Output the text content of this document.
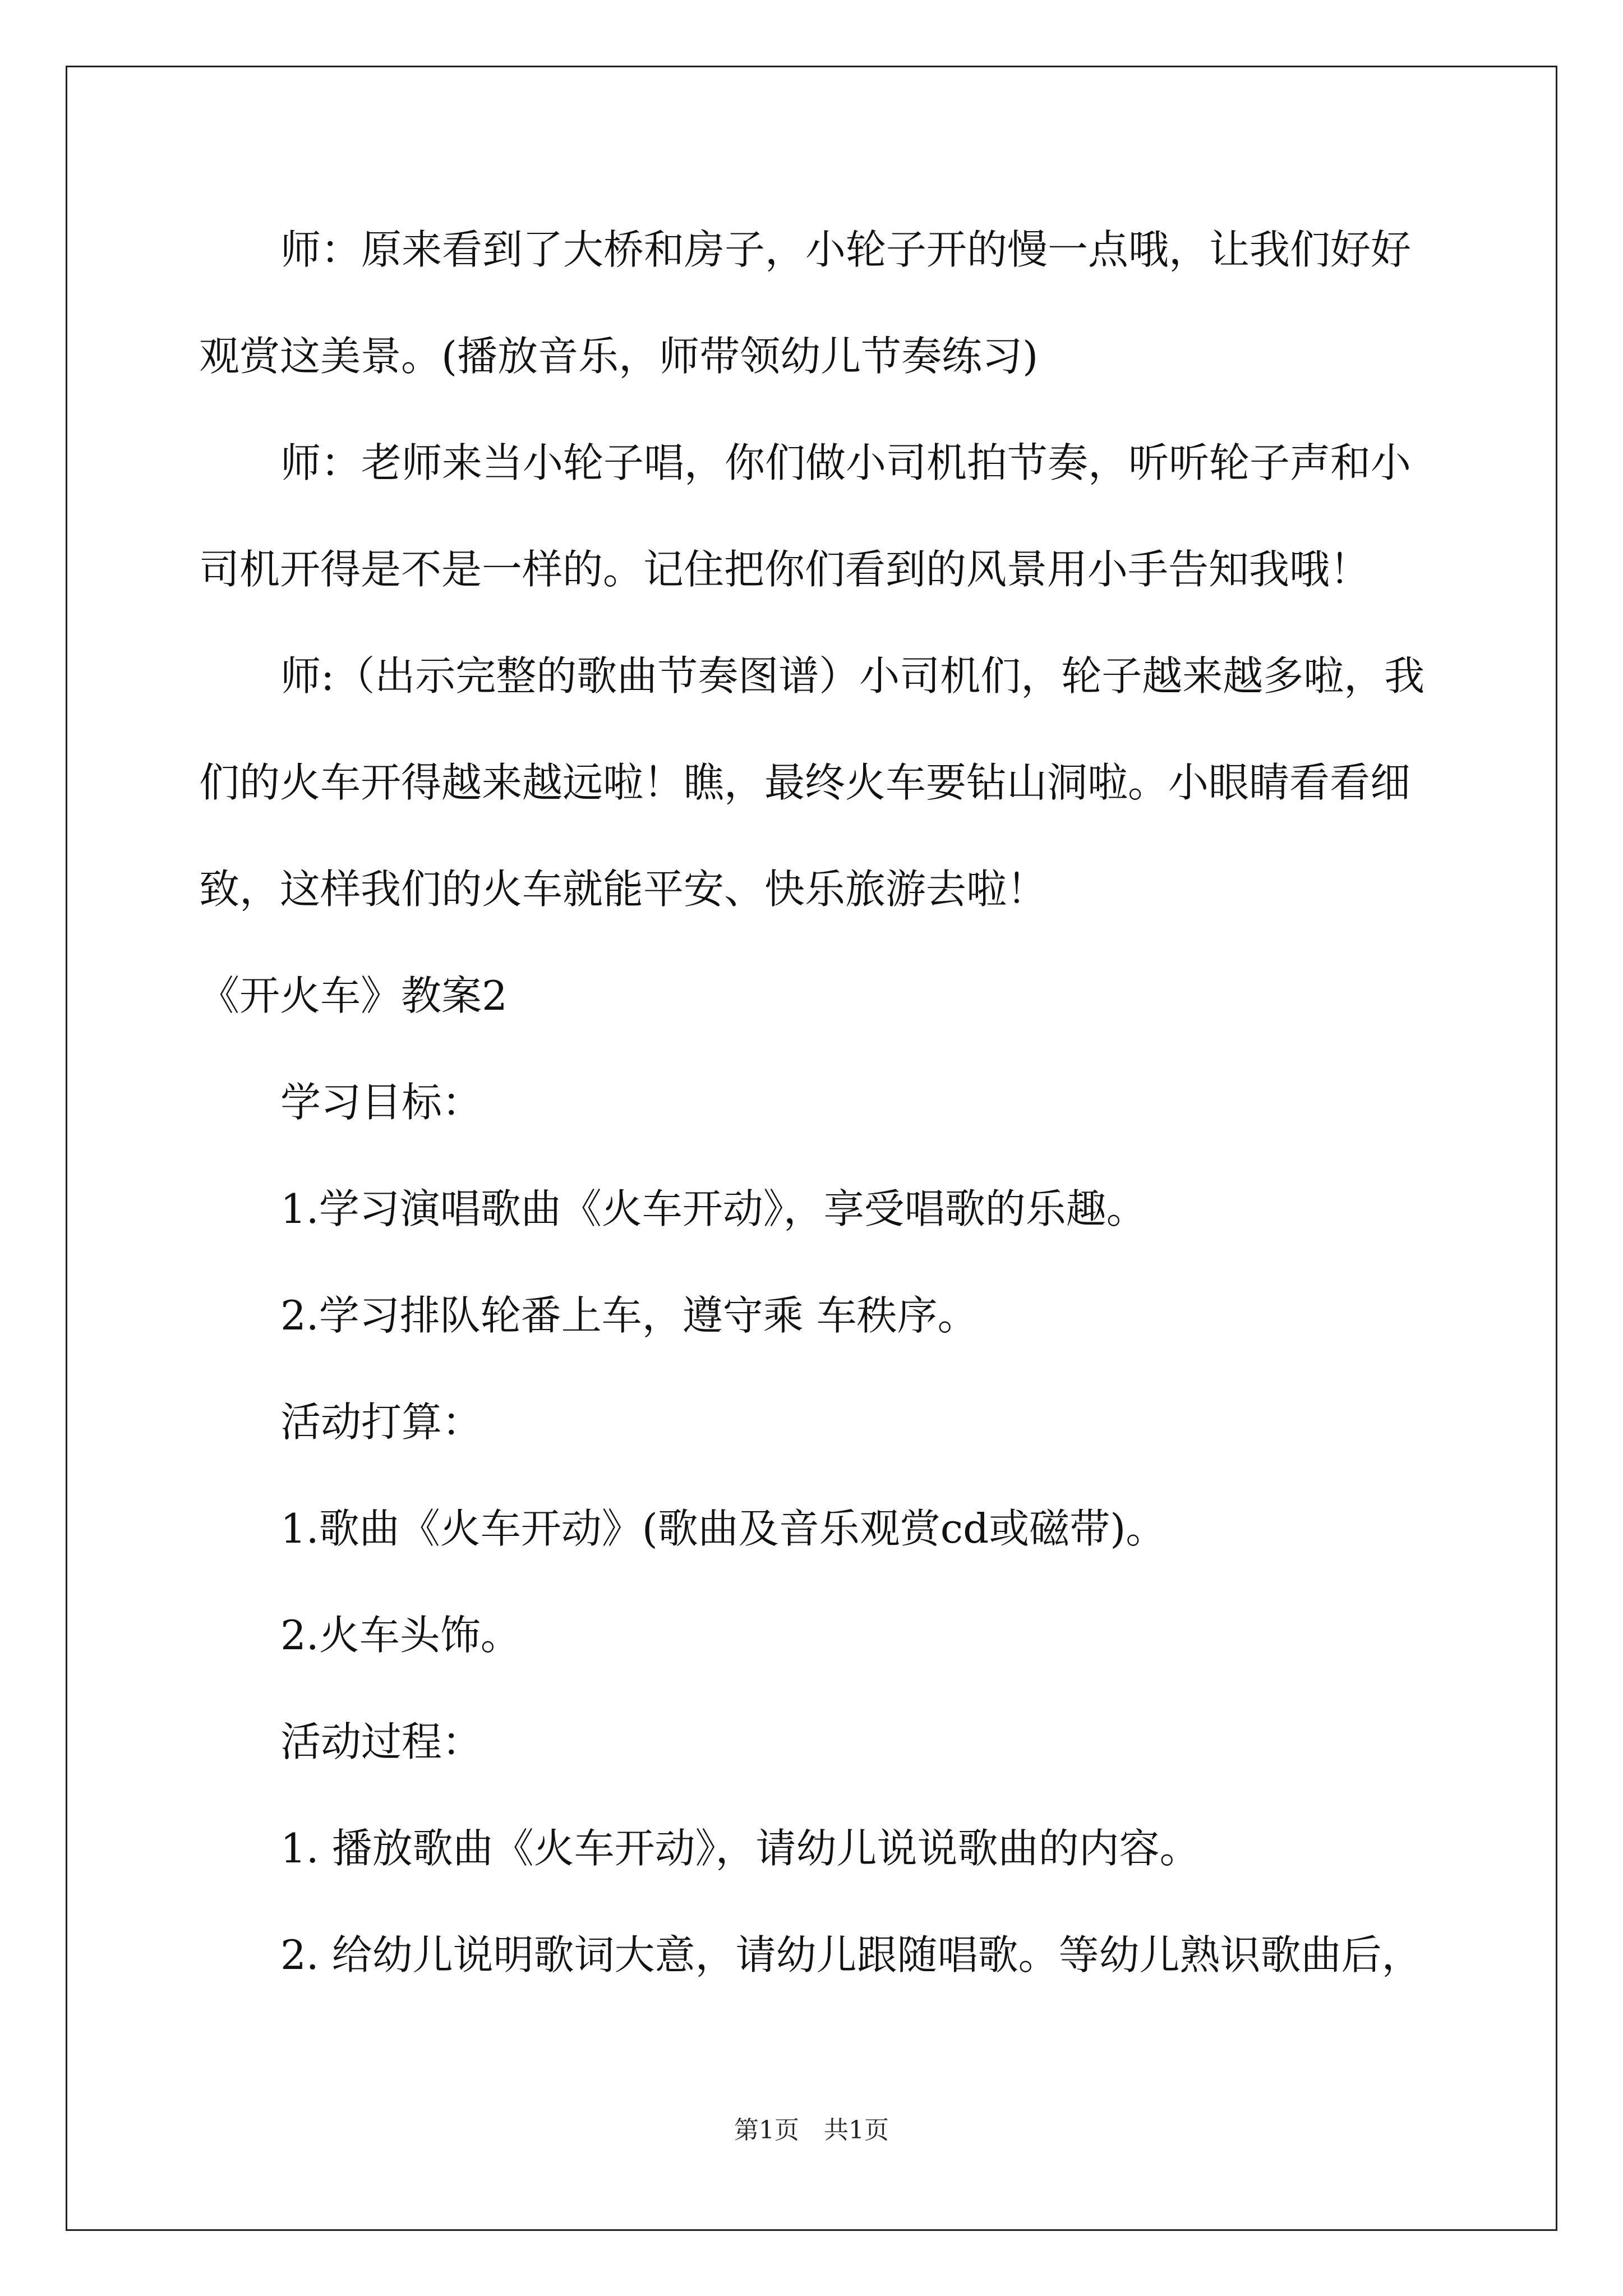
师：原来看到了大桥和房子，小轮子开的慢一点哦，让我们好好
观赏这美景。(播放音乐，师带领幼儿节奏练习)
师：老师来当小轮子唱，你们做小司机拍节奏，听听轮子声和小
司机开得是不是一样的。记住把你们看到的风景用小手告知我哦！
师:（出示完整的歌曲节奏图谱）小司机们，轮子越来越多啦，我
们的火车开得越来越远啦！瞧，最终火车要钻山洞啦。小眼睛看看细
致，这样我们的火车就能平安、快乐旅游去啦！
《开火车》教案2
学习目标：
1.学习演唱歌曲《火车开动》，享受唱歌的乐趣。
2.学习排队轮番上车，遵守乘 车秩序。
活动打算：
1.歌曲《火车开动》(歌曲及音乐观赏cd或磁带)。
2.火车头饰。
活动过程：
1. 播放歌曲《火车开动》，请幼儿说说歌曲的内容。
2. 给幼儿说明歌词大意，请幼儿跟随唱歌。等幼儿熟识歌曲后，
第1页　共1页
